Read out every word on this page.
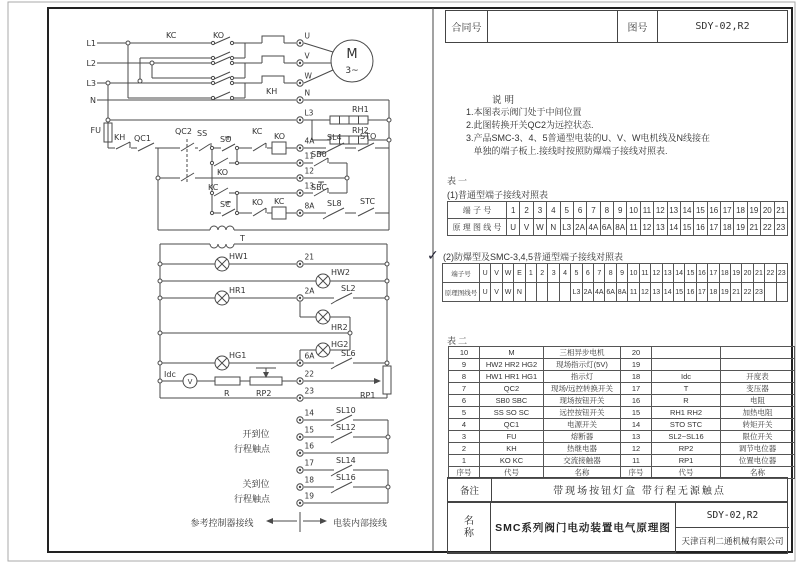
M
3~
V
L1
L2
L3
N
KC	KO
KH
RH1
RH2
FU
KH QC1
QC2 SS
SO
KC
KO	SL4 STO
KO
SB0
KC	SBC
SC	KO KC	SL8 STC
T
HW1
HW2
HR1
HR2
HG2
HG1
SL2
SL6
Idc
R	RP2	RP1
SL10
SL12
SL14
SL16
开到位
行程触点
关到位
行程触点
参考控制器接线	电装内部接线
U
V
W
N
L3
4A
11
12
13
8A
21
2A
6A
22
23
14
15
16
17
18
19
合同号	图号	SDY-02,R2
说明
1.本图表示阀门处于中间位置
2.此图转换开关QC2为远控状态.
3.产品SMC-3、4、5普通型电装的U、V、W电机线及N线接在
单独的端子板上.接线时按照防爆端子接线对照表.
表一
(1)普通型端子接线对照表
端 子 号	1	2	3	4	5	6	7	8	9	10	11	12	13	14	15	16	17	18	19	20	21
原 理 图 线 号	U	V	W	N	L3	2A	4A	6A	8A	11	12	13	14	15	16	17	18	19	21	22	23
✓ (2)防爆型及SMC-3,4,5普通型端子接线对照表
端子号	U	V	W	E	1	2	3	4	5	6	7	8	9	10	11	12	13	14	15	16	17	18	19	20	21	22	23
原理图线号	U	V	W	N					L3	2A	4A	6A	8A	11	12	13	14	15	16	17	18	19	21	22	23		
表二
10	M	三相异步电机	20		
9	HW2 HR2 HG2	现场指示灯(5V)	19		
8	HW1 HR1 HG1	指示灯	18	Idc	开度表
7	QC2	现场/远控转换开关	17	T	变压器
6	SB0 SBC	现场按钮开关	16	R	电阻
5	SS SO SC	远控按钮开关	15	RH1 RH2	加热电阻
4	QC1	电源开关	14	STO STC	转矩开关
3	FU	熔断器	13	SL2~SL16	限位开关
2	KH	热继电器	12	RP2	调节电位器
1	KO KC	交流接触器	11	RP1	位置电位器
序号	代号	名称	序号	代号	名称
备注	带现场按钮灯盒 带行程无源触点
名称	SMC系列阀门电动装置电气原理图
SDY-02,R2
天津百利二通机械有限公司
